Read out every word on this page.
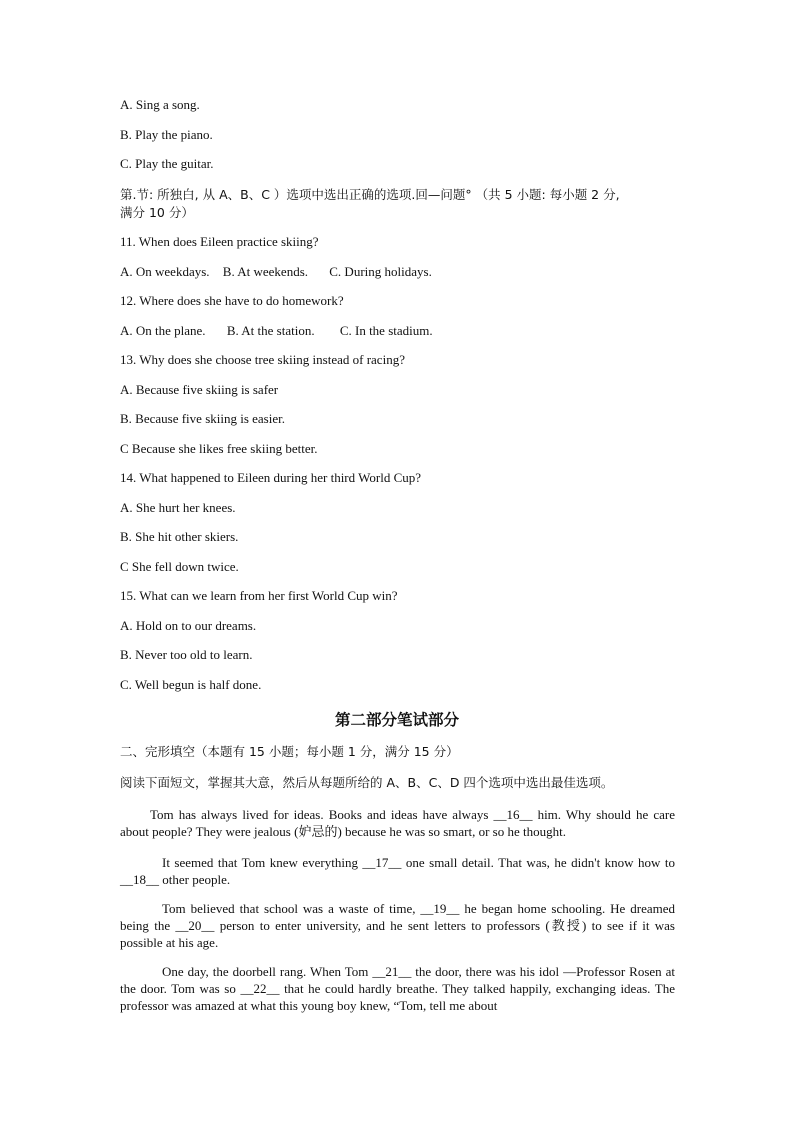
A. Sing a song.
B. Play the piano.
C. Play the guitar.
第.节: 所独白, 从 A、B、C ）选项中选出正确的选项.回—问题° （共 5 小题: 每小题 2 分,
满分 10 分）
11. When does Eileen practice skiing?
A. On weekdays. B. At weekends. C. During holidays.
12. Where does she have to do homework?
A. On the plane. B. At the station. C. In the stadium.
13. Why does she choose tree skiing instead of racing?
A. Because five skiing is safer
B. Because five skiing is easier.
C Because she likes free skiing better.
14. What happened to Eileen during her third World Cup?
A. She hurt her knees.
B. She hit other skiers.
C She fell down twice.
15. What can we learn from her first World Cup win?
A. Hold on to our dreams.
B. Never too old to learn.
C. Well begun is half done.
第二部分笔试部分
二、完形填空（本题有 15 小题；每小题 1 分，满分 15 分）
阅读下面短文，掌握其大意，然后从每题所给的 A、B、C、D 四个选项中选出最佳选项。
Tom has always lived for ideas. Books and ideas have always __16__ him. Why should he care about people? They were jealous (妒忌的) because he was so smart, or so he thought.
It seemed that Tom knew everything __17__ one small detail. That was, he didn't know how to __18__ other people.
Tom believed that school was a waste of time, __19__ he began home schooling. He dreamed being the __20__ person to enter university, and he sent letters to professors (教授) to see if it was possible at his age.
One day, the doorbell rang. When Tom __21__ the door, there was his idol —Professor Rosen at the door. Tom was so __22__ that he could hardly breathe. They talked happily, exchanging ideas. The professor was amazed at what this young boy knew, “Tom, tell me about
